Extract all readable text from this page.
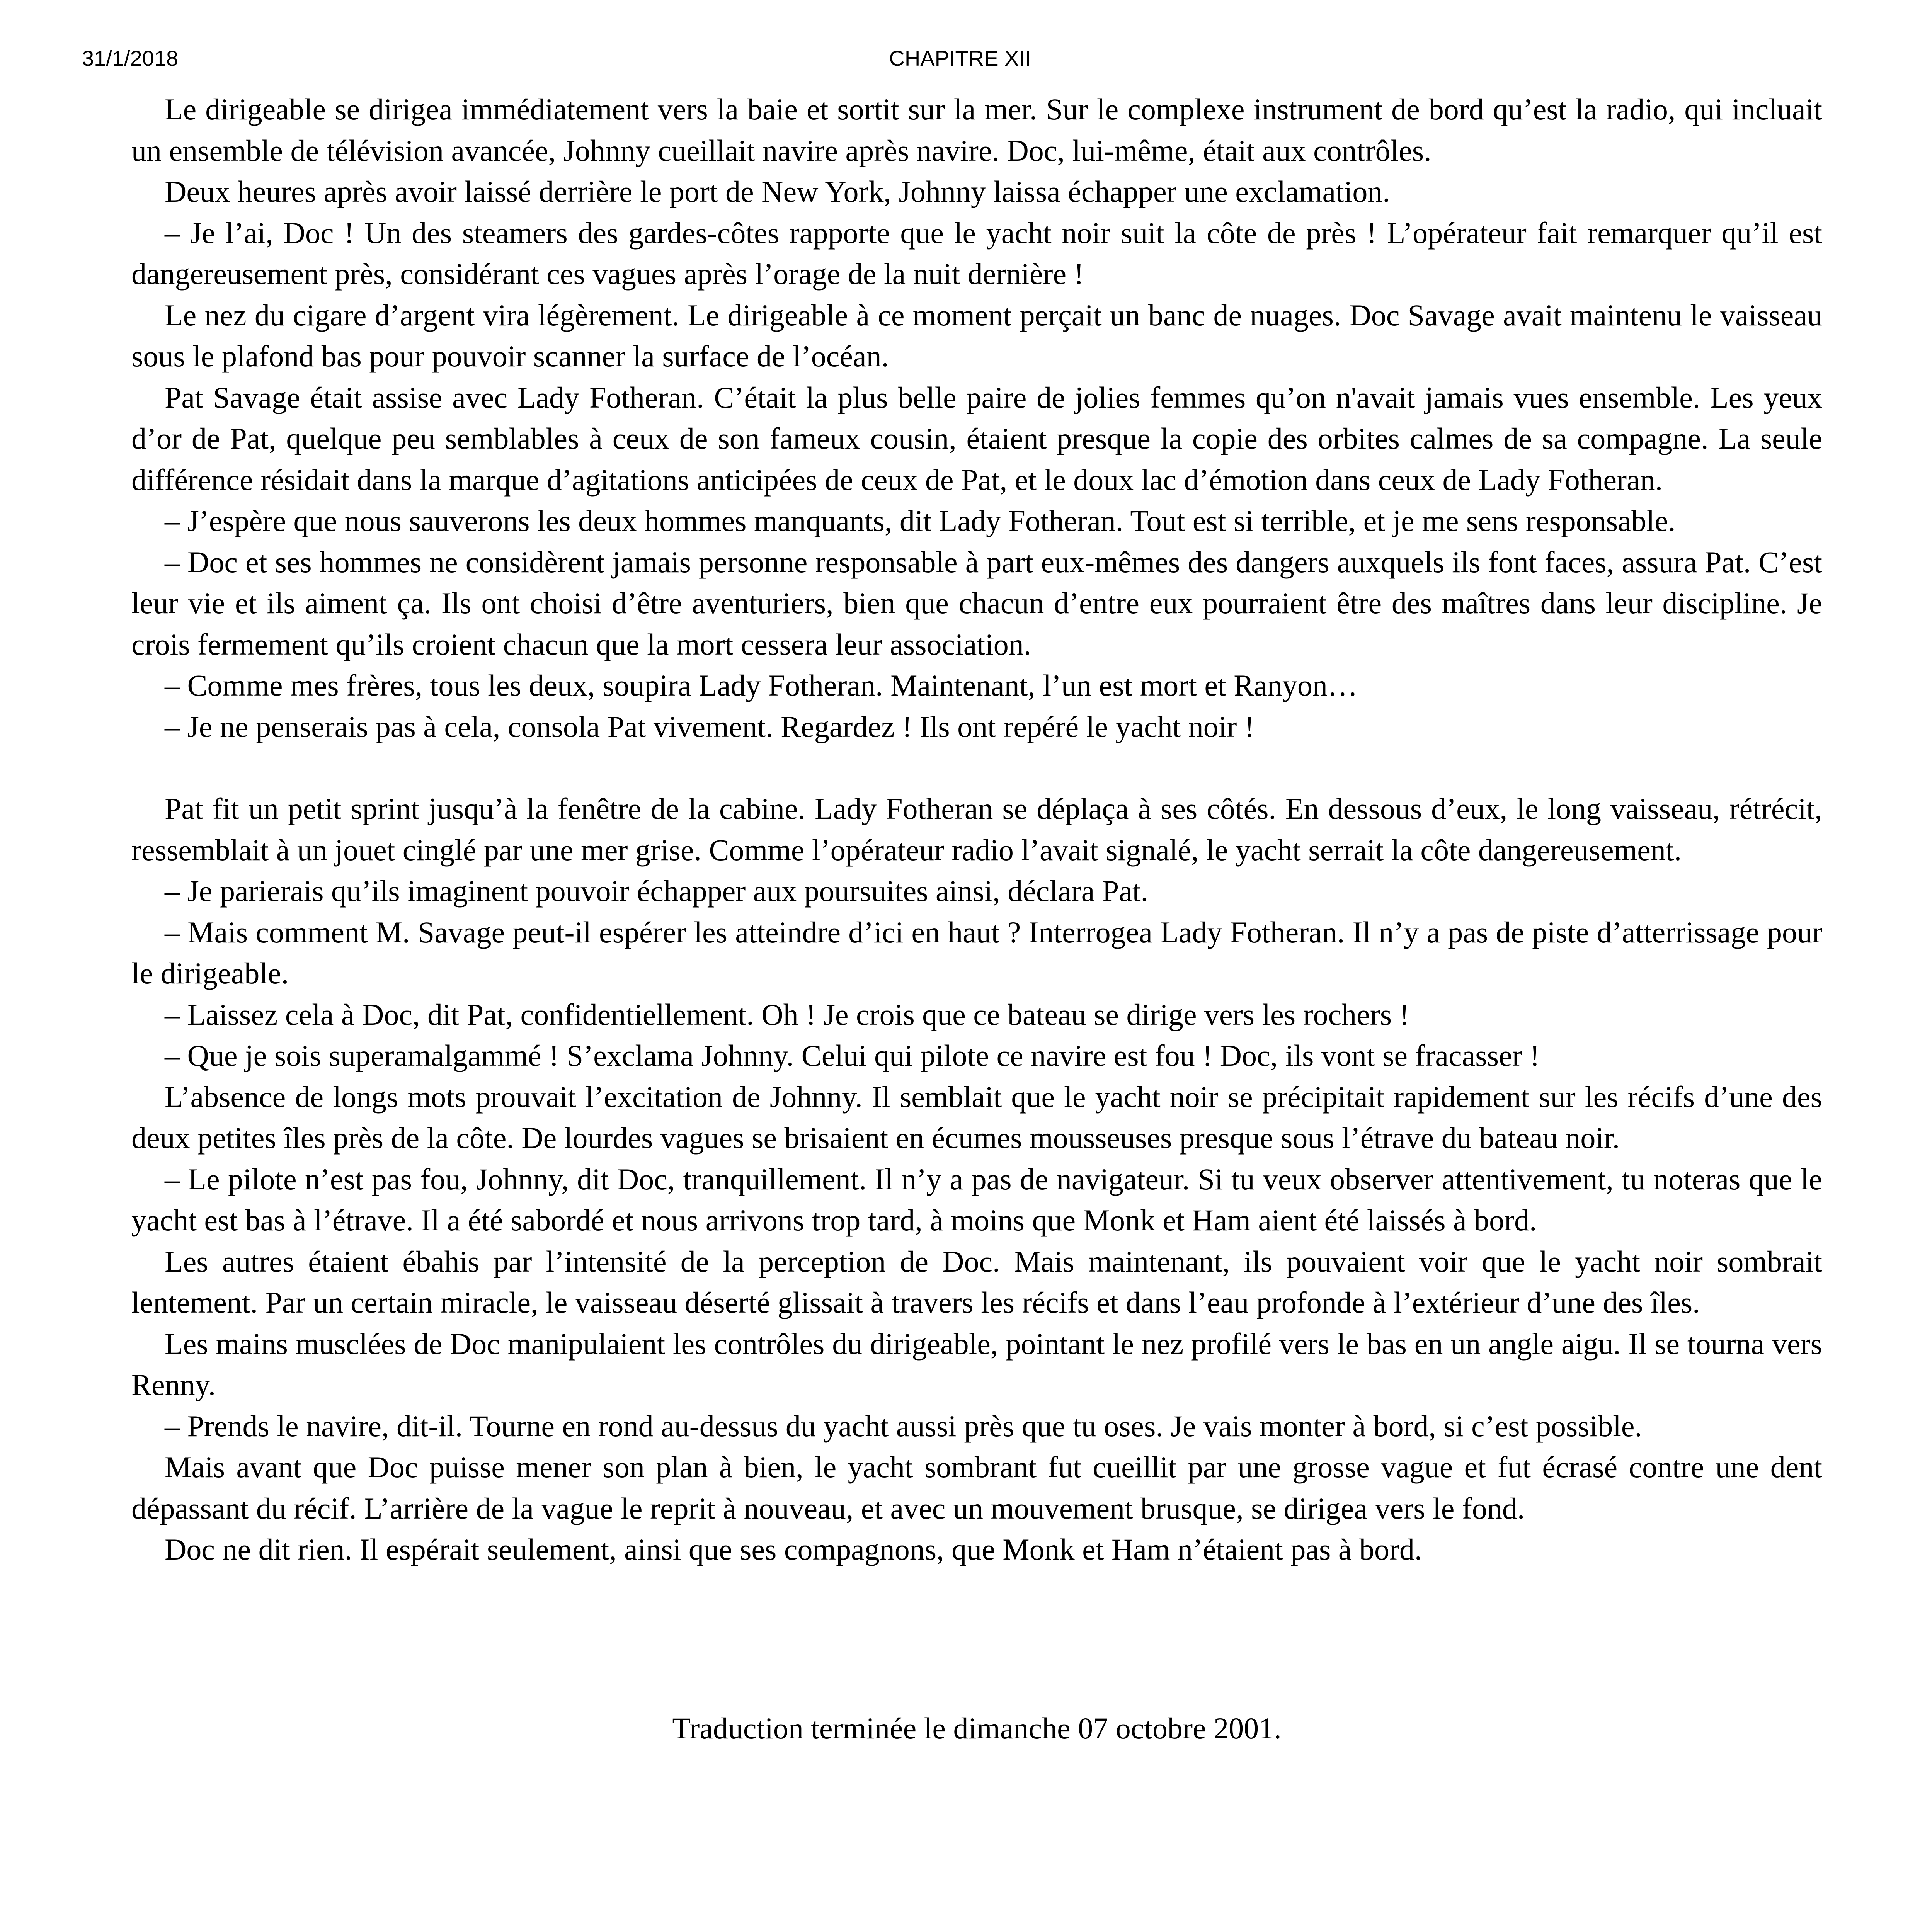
31/1/2018	CHAPITRE XII

Le dirigeable se dirigea immédiatement vers la baie et sortit sur la mer. Sur le complexe instrument de bord qu’est la radio, qui incluait un ensemble de télévision avancée, Johnny cueillait navire après navire. Doc, lui-même, était aux contrôles.

Deux heures après avoir laissé derrière le port de New York, Johnny laissa échapper une exclamation.

– Je l’ai, Doc ! Un des steamers des gardes-côtes rapporte que le yacht noir suit la côte de près ! L’opérateur fait remarquer qu’il est dangereusement près, considérant ces vagues après l’orage de la nuit dernière !

Le nez du cigare d’argent vira légèrement. Le dirigeable à ce moment perçait un banc de nuages. Doc Savage avait maintenu le vaisseau sous le plafond bas pour pouvoir scanner la surface de l’océan.

Pat Savage était assise avec Lady Fotheran. C’était la plus belle paire de jolies femmes qu’on n'avait jamais vues ensemble. Les yeux d’or de Pat, quelque peu semblables à ceux de son fameux cousin, étaient presque la copie des orbites calmes de sa compagne. La seule différence résidait dans la marque d’agitations anticipées de ceux de Pat, et le doux lac d’émotion dans ceux de Lady Fotheran.

– J’espère que nous sauverons les deux hommes manquants, dit Lady Fotheran. Tout est si terrible, et je me sens responsable.

– Doc et ses hommes ne considèrent jamais personne responsable à part eux-mêmes des dangers auxquels ils font faces, assura Pat. C’est leur vie et ils aiment ça. Ils ont choisi d’être aventuriers, bien que chacun d’entre eux pourraient être des maîtres dans leur discipline. Je crois fermement qu’ils croient chacun que la mort cessera leur association.

– Comme mes frères, tous les deux, soupira Lady Fotheran. Maintenant, l’un est mort et Ranyon…

– Je ne penserais pas à cela, consola Pat vivement. Regardez ! Ils ont repéré le yacht noir !

Pat fit un petit sprint jusqu’à la fenêtre de la cabine. Lady Fotheran se déplaça à ses côtés. En dessous d’eux, le long vaisseau, rétrécit, ressemblait à un jouet cinglé par une mer grise. Comme l’opérateur radio l’avait signalé, le yacht serrait la côte dangereusement.

– Je parierais qu’ils imaginent pouvoir échapper aux poursuites ainsi, déclara Pat.

– Mais comment M. Savage peut-il espérer les atteindre d’ici en haut ? Interrogea Lady Fotheran. Il n’y a pas de piste d’atterrissage pour le dirigeable.

– Laissez cela à Doc, dit Pat, confidentiellement. Oh ! Je crois que ce bateau se dirige vers les rochers !

– Que je sois superamalgammé ! S’exclama Johnny. Celui qui pilote ce navire est fou ! Doc, ils vont se fracasser !

L’absence de longs mots prouvait l’excitation de Johnny. Il semblait que le yacht noir se précipitait rapidement sur les récifs d’une des deux petites îles près de la côte. De lourdes vagues se brisaient en écumes mousseuses presque sous l’étrave du bateau noir.

– Le pilote n’est pas fou, Johnny, dit Doc, tranquillement. Il n’y a pas de navigateur. Si tu veux observer attentivement, tu noteras que le yacht est bas à l’étrave. Il a été sabordé et nous arrivons trop tard, à moins que Monk et Ham aient été laissés à bord.

Les autres étaient ébahis par l’intensité de la perception de Doc. Mais maintenant, ils pouvaient voir que le yacht noir sombrait lentement. Par un certain miracle, le vaisseau déserté glissait à travers les récifs et dans l’eau profonde à l’extérieur d’une des îles.

Les mains musclées de Doc manipulaient les contrôles du dirigeable, pointant le nez profilé vers le bas en un angle aigu. Il se tourna vers Renny.

– Prends le navire, dit-il. Tourne en rond au-dessus du yacht aussi près que tu oses. Je vais monter à bord, si c’est possible.

Mais avant que Doc puisse mener son plan à bien, le yacht sombrant fut cueillit par une grosse vague et fut écrasé contre une dent dépassant du récif. L’arrière de la vague le reprit à nouveau, et avec un mouvement brusque, se dirigea vers le fond.

Doc ne dit rien. Il espérait seulement, ainsi que ses compagnons, que Monk et Ham n’étaient pas à bord.

Traduction terminée le dimanche 07 octobre 2001.
